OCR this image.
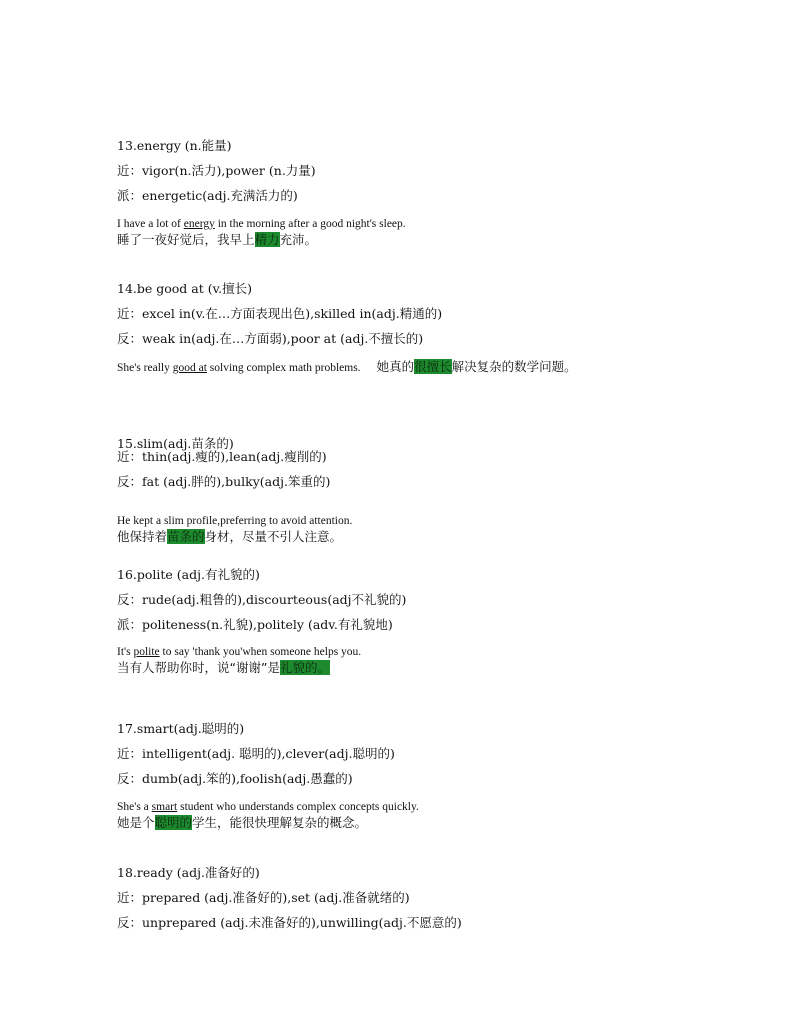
13.energy (n.能量)
近：vigor(n.活力),power (n.力量)
派：energetic(adj.充满活力的)
I have a lot of energy in the morning after a good night's sleep.
睡了一夜好觉后，我早上精力充沛。
14.be good at (v.擅长)
近：excel in(v.在…方面表现出色),skilled in(adj.精通的)
反：weak in(adj.在…方面弱),poor at (adj.不擅长的)
She's really good at solving complex math problems. 她真的很擅长解决复杂的数学问题。
15.slim(adj.苗条的)
近：thin(adj.瘦的),lean(adj.瘦削的)
反：fat (adj.胖的),bulky(adj.笨重的)
He kept a slim profile,preferring to avoid attention.
他保持着苗条的身材，尽量不引人注意。
16.polite (adj.有礼貌的)
反：rude(adj.粗鲁的),discourteous(adj不礼貌的)
派：politeness(n.礼貌),politely (adv.有礼貌地)
It's polite to say 'thank you'when someone helps you.
当有人帮助你时，说“谢谢”是礼貌的。
17.smart(adj.聪明的)
近：intelligent(adj. 聪明的),clever(adj.聪明的)
反：dumb(adj.笨的),foolish(adj.愚蠢的)
She's a smart student who understands complex concepts quickly.
她是个聪明的学生，能很快理解复杂的概念。
18.ready (adj.准备好的)
近：prepared (adj.准备好的),set (adj.准备就绪的)
反：unprepared (adj.未准备好的),unwilling(adj.不愿意的)
